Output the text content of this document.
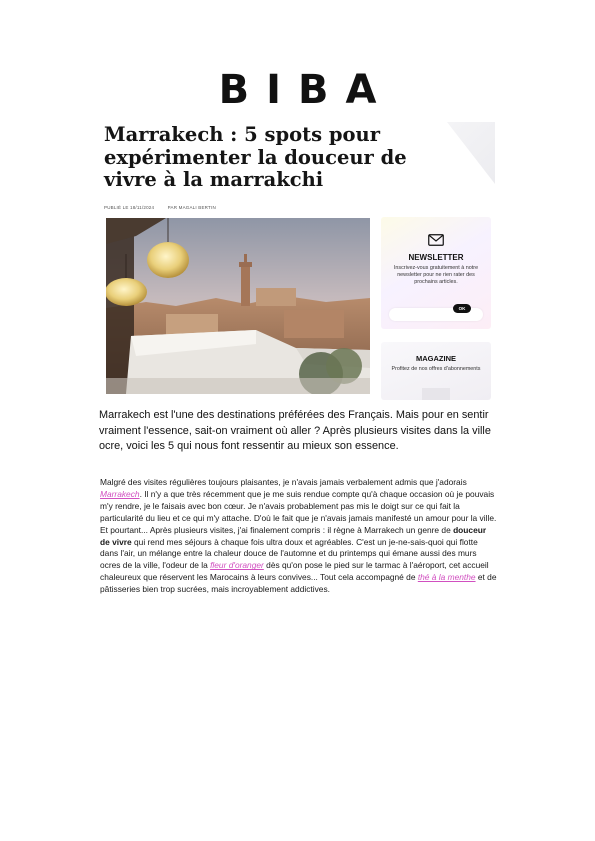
BIBA
Marrakech : 5 spots pour expérimenter la douceur de vivre à la marrakchi
PUBLIÉ LE 18/11/2024	PAR MAGALI BERTIN
NEWSLETTER
Inscrivez-vous gratuitement à notre newsletter pour ne rien rater des prochains articles.
OK
MAGAZINE
Profitez de nos offres d'abonnements

Marrakech est l'une des destinations préférées des Français. Mais pour en sentir vraiment l'essence, sait-on vraiment où aller ? Après plusieurs visites dans la ville ocre, voici les 5 qui nous font ressentir au mieux son essence.

Malgré des visites régulières toujours plaisantes, je n'avais jamais verbalement admis que j'adorais Marrakech. Il n'y a que très récemment que je me suis rendue compte qu'à chaque occasion où je pouvais m'y rendre, je le faisais avec bon cœur. Je n'avais probablement pas mis le doigt sur ce qui fait la particularité du lieu et ce qui m'y attache. D'où le fait que je n'avais jamais manifesté un amour pour la ville. Et pourtant... Après plusieurs visites, j'ai finalement compris : il règne à Marrakech un genre de douceur de vivre qui rend mes séjours à chaque fois ultra doux et agréables. C'est un je-ne-sais-quoi qui flotte dans l'air, un mélange entre la chaleur douce de l'automne et du printemps qui émane aussi des murs ocres de la ville, l'odeur de la fleur d'oranger dès qu'on pose le pied sur le tarmac à l'aéroport, cet accueil chaleureux que réservent les Marocains à leurs convives... Tout cela accompagné de thé à la menthe et de pâtisseries bien trop sucrées, mais incroyablement addictives.
